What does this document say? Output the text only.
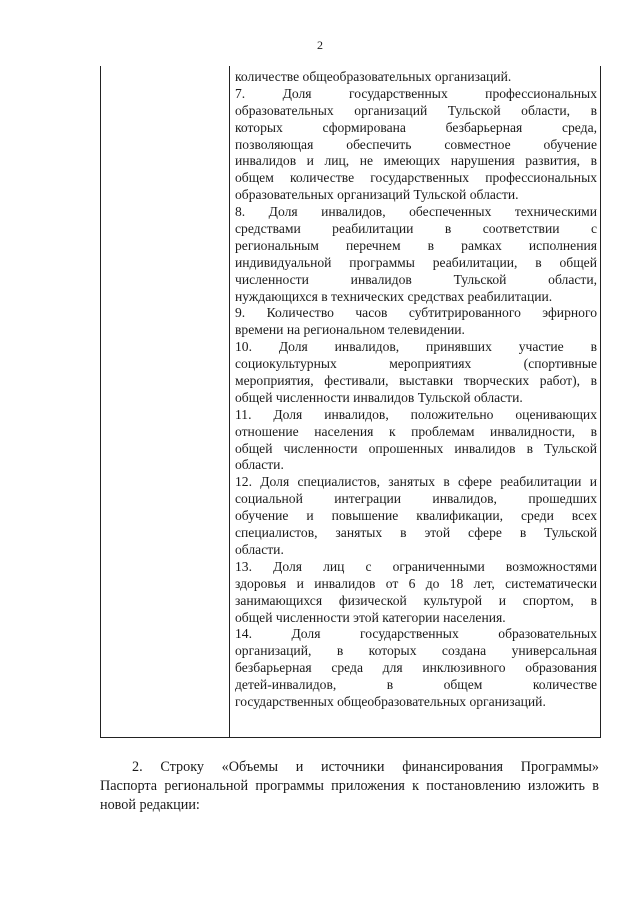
2
количестве общеобразовательных организаций.
7. Доля государственных профессиональных
образовательных организаций Тульской области, в
которых сформирована безбарьерная среда,
позволяющая обеспечить совместное обучение
инвалидов и лиц, не имеющих нарушения развития, в
общем количестве государственных профессиональных
образовательных организаций Тульской области.
8. Доля инвалидов, обеспеченных техническими
средствами реабилитации в соответствии с
региональным перечнем в рамках исполнения
индивидуальной программы реабилитации, в общей
численности инвалидов Тульской области,
нуждающихся в технических средствах реабилитации.
9. Количество часов субтитрированного эфирного
времени на региональном телевидении.
10. Доля инвалидов, принявших участие в
социокультурных мероприятиях (спортивные
мероприятия, фестивали, выставки творческих работ), в
общей численности инвалидов Тульской области.
11. Доля инвалидов, положительно оценивающих
отношение населения к проблемам инвалидности, в
общей численности опрошенных инвалидов в Тульской
области.
12. Доля специалистов, занятых в сфере реабилитации и
социальной интеграции инвалидов, прошедших
обучение и повышение квалификации, среди всех
специалистов, занятых в этой сфере в Тульской
области.
13. Доля лиц с ограниченными возможностями
здоровья и инвалидов от 6 до 18 лет, систематически
занимающихся физической культурой и спортом, в
общей численности этой категории населения.
14. Доля государственных образовательных
организаций, в которых создана универсальная
безбарьерная среда для инклюзивного образования
детей-инвалидов, в общем количестве
государственных общеобразовательных организаций.
2. Строку «Объемы и источники финансирования Программы»
Паспорта региональной программы приложения к постановлению изложить в
новой редакции:
